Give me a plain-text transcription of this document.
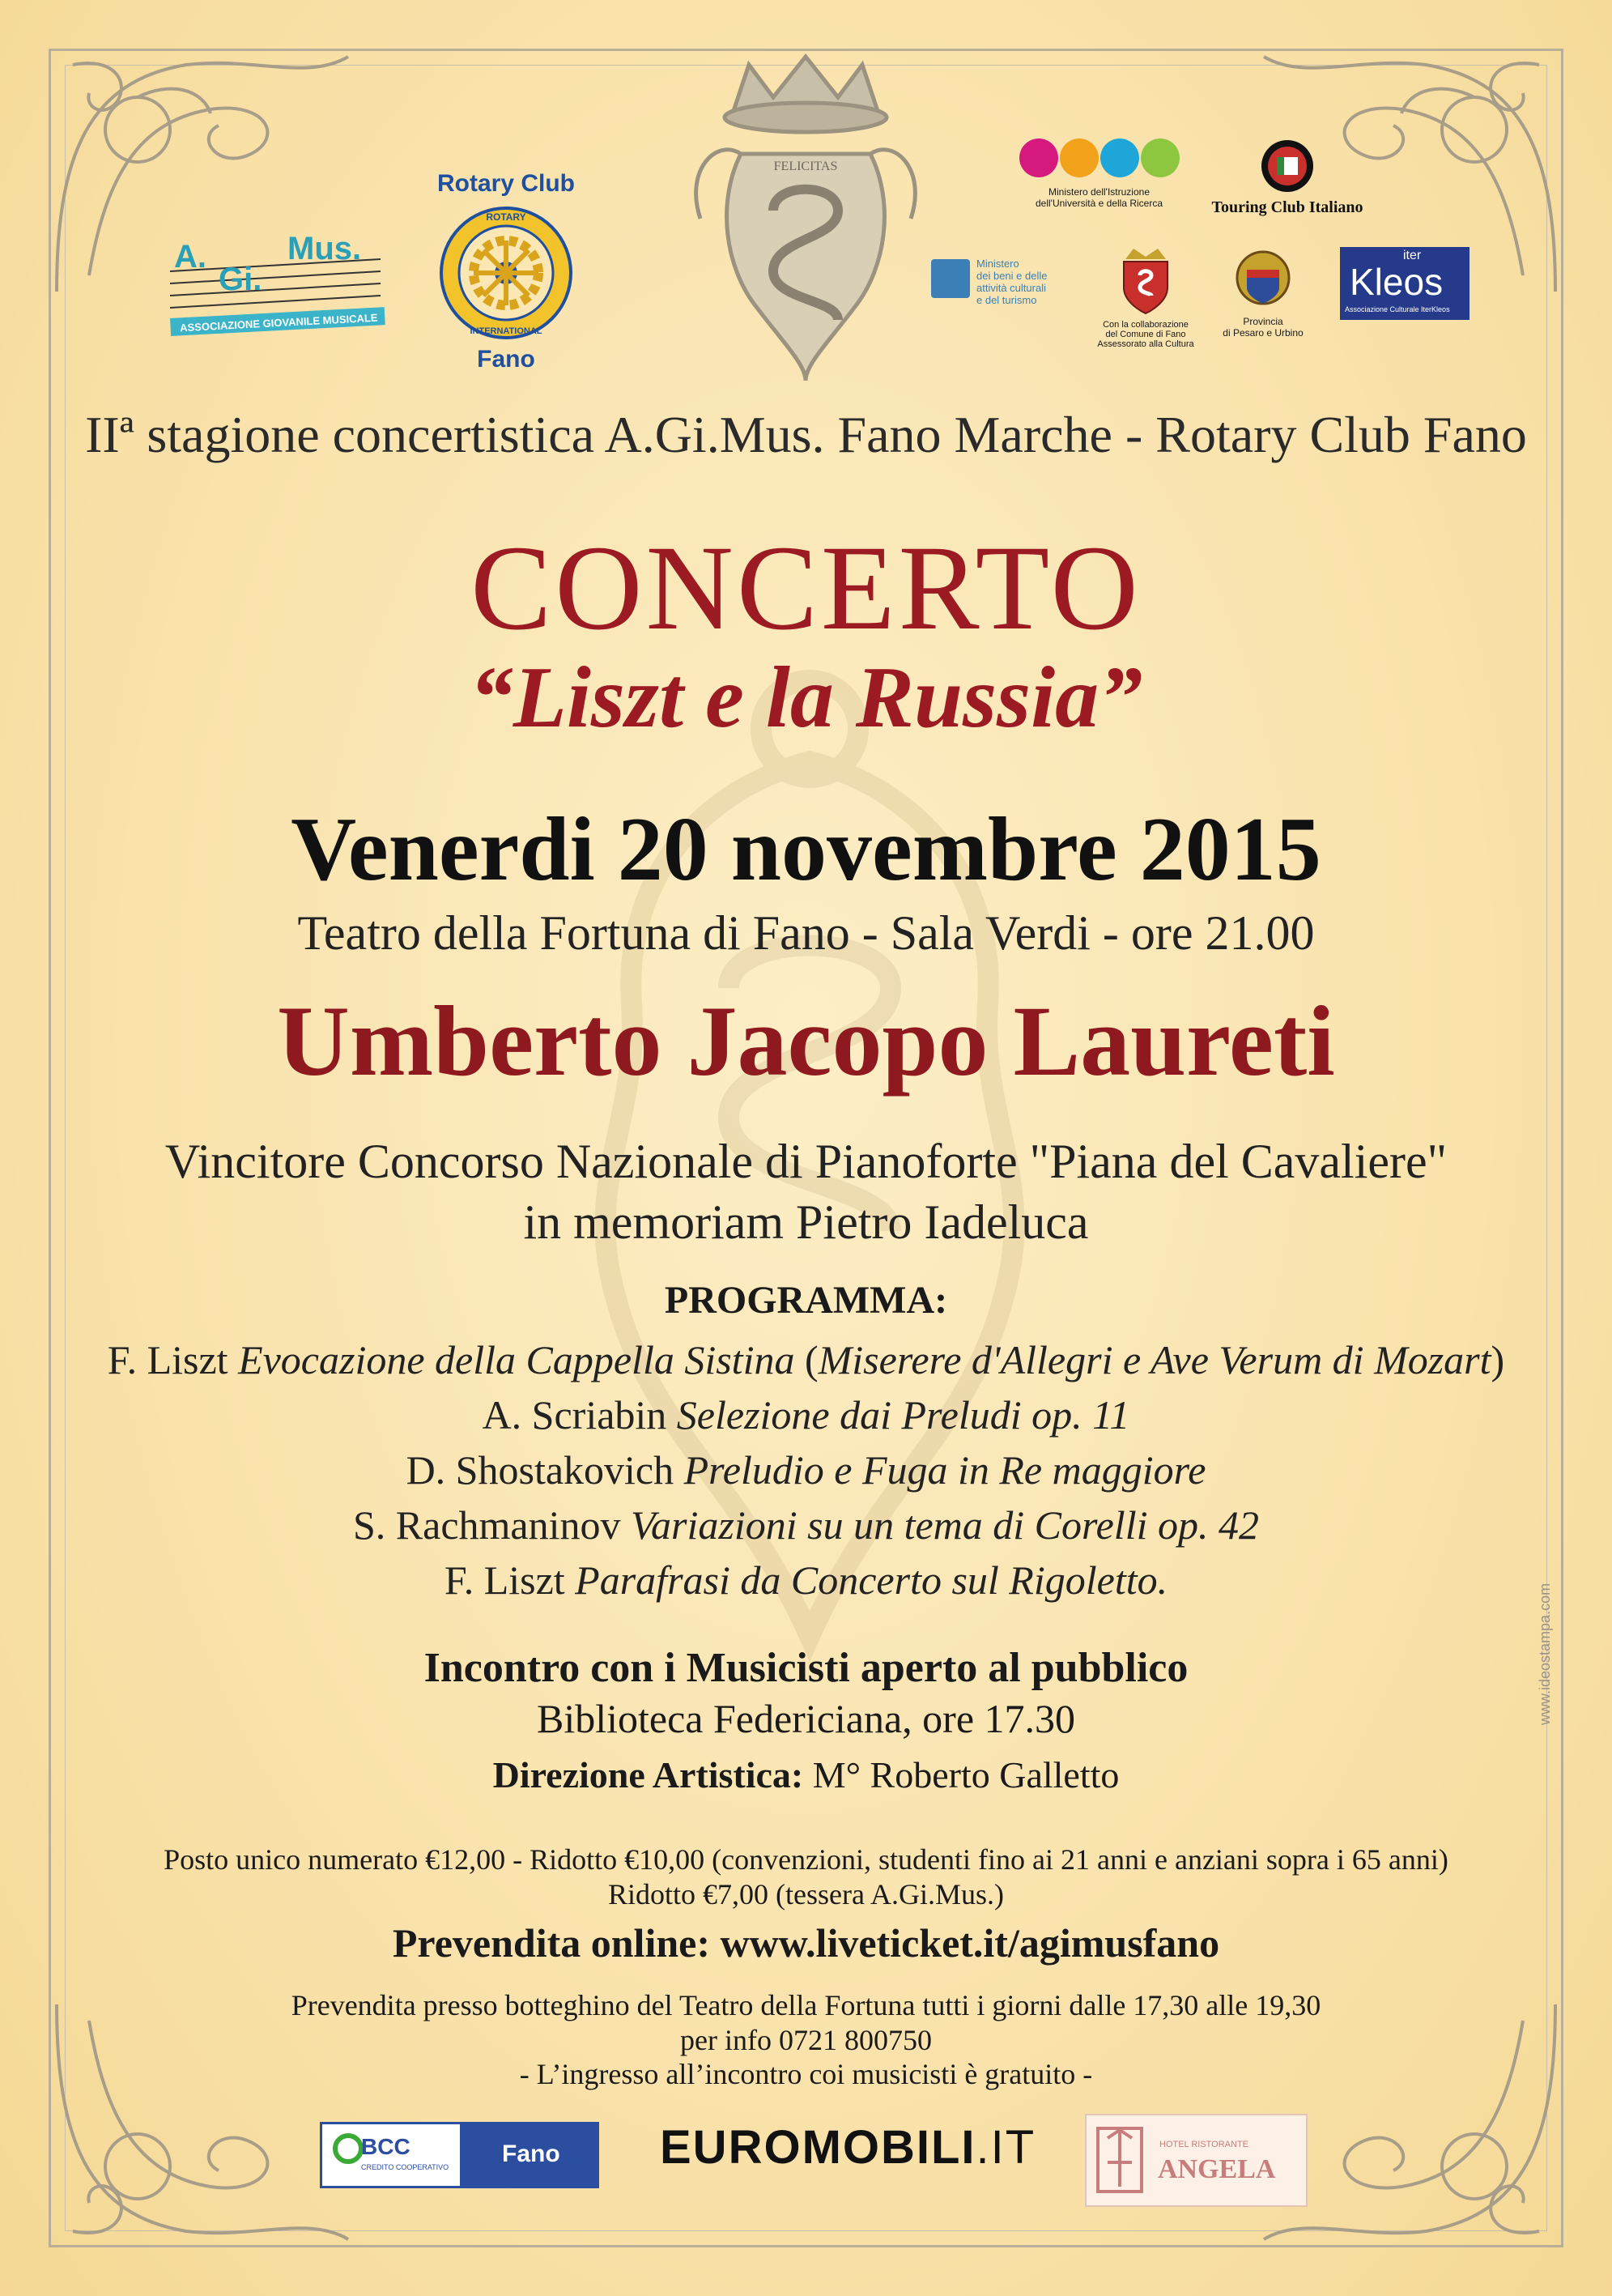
FELICITAS
A.
Gi.
Mus.
ASSOCIAZIONE GIOVANILE MUSICALE
Rotary Club
ROTARY
INTERNATIONAL
Fano
Ministero dell'Istruzione
dell'Università e della Ricerca	Touring Club Italiano
Ministero
dei beni e delle
attività culturali
e del turismo
Con la collaborazione
del Comune di Fano
Assessorato alla Cultura
Provincia
di Pesaro e Urbino
iter
Kleos
Associazione Culturale IterKleos
IIª stagione concertistica A.Gi.Mus. Fano Marche - Rotary Club Fano
CONCERTO
“Liszt e la Russia”
Venerdi 20 novembre 2015
Teatro della Fortuna di Fano - Sala Verdi - ore 21.00
Umberto Jacopo Laureti
Vincitore Concorso Nazionale di Pianoforte "Piana del Cavaliere"
in memoriam Pietro Iadeluca
PROGRAMMA:
F. Liszt Evocazione della Cappella Sistina (Miserere d'Allegri e Ave Verum di Mozart)
A. Scriabin Selezione dai Preludi op. 11
D. Shostakovich Preludio e Fuga in Re maggiore
S. Rachmaninov Variazioni su un tema di Corelli op. 42
F. Liszt Parafrasi da Concerto sul Rigoletto.
Incontro con i Musicisti aperto al pubblico
Biblioteca Federiciana, ore 17.30
Direzione Artistica: M° Roberto Galletto
Posto unico numerato €12,00 - Ridotto €10,00 (convenzioni, studenti fino ai 21 anni e anziani sopra i 65 anni)
Ridotto €7,00 (tessera A.Gi.Mus.)
Prevendita online: www.liveticket.it/agimusfano
Prevendita presso botteghino del Teatro della Fortuna tutti i giorni dalle 17,30 alle 19,30
per info 0721 800750
- L’ingresso all’incontro coi musicisti è gratuito -
www.ideostampa.com
BCC
CREDITO COOPERATIVO Fano EUROMOBILI.IT	HOTEL RISTORANTE
ANGELA
